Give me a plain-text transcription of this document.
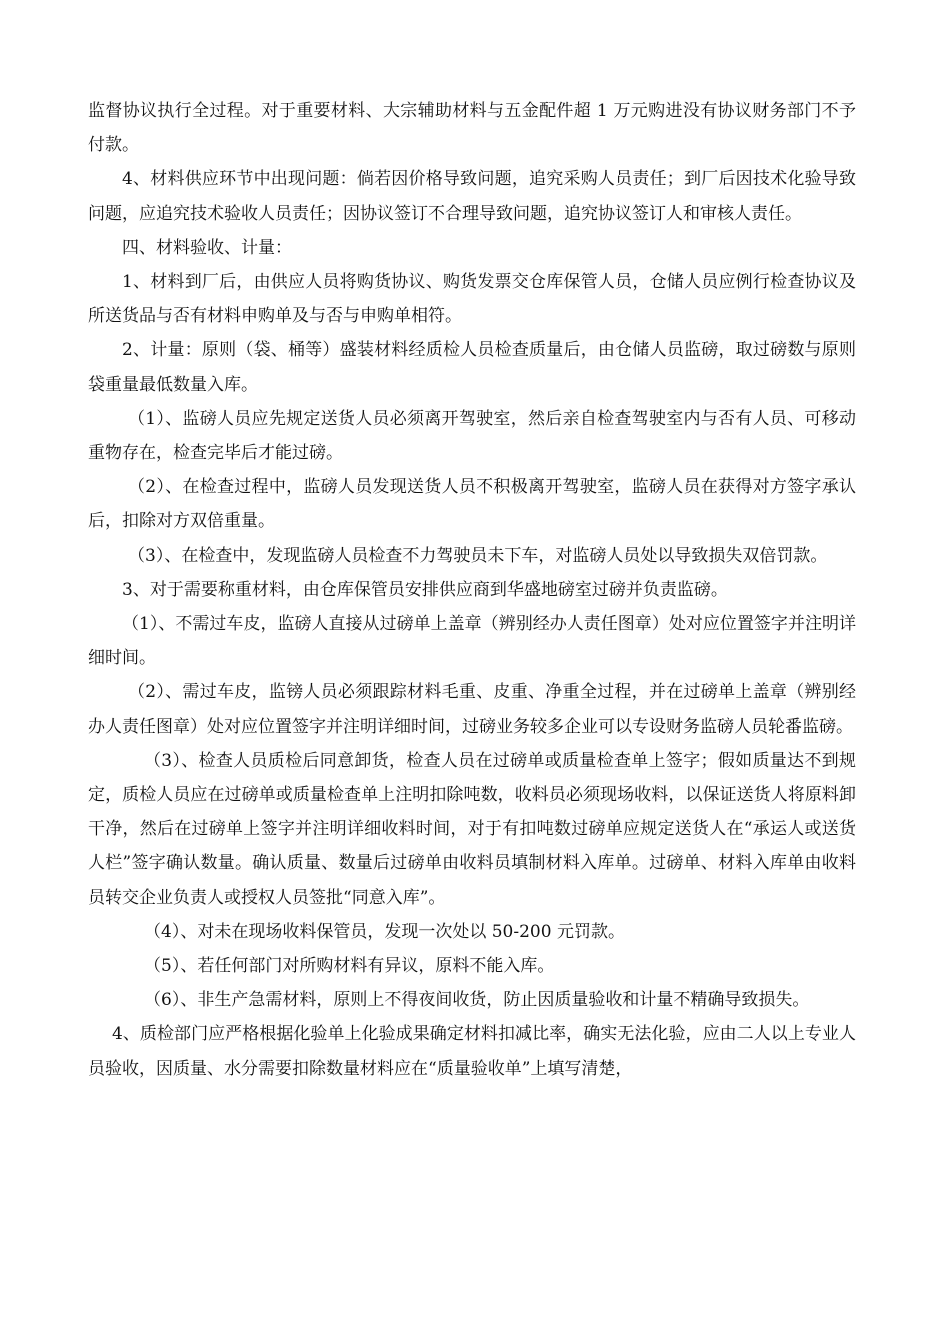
监督协议执行全过程。对于重要材料、大宗辅助材料与五金配件超 1 万元购进没有协议财务部门不予付款。

4、材料供应环节中出现问题：倘若因价格导致问题，追究采购人员责任；到厂后因技术化验导致问题，应追究技术验收人员责任；因协议签订不合理导致问题，追究协议签订人和审核人责任。

四、材料验收、计量：

1、材料到厂后，由供应人员将购货协议、购货发票交仓库保管人员，仓储人员应例行检查协议及所送货品与否有材料申购单及与否与申购单相符。

2、计量：原则（袋、桶等）盛装材料经质检人员检查质量后，由仓储人员监磅，取过磅数与原则袋重量最低数量入库。

（1）、监磅人员应先规定送货人员必须离开驾驶室，然后亲自检查驾驶室内与否有人员、可移动重物存在，检查完毕后才能过磅。

（2）、在检查过程中，监磅人员发现送货人员不积极离开驾驶室，监磅人员在获得对方签字承认后，扣除对方双倍重量。

（3）、在检查中，发现监磅人员检查不力驾驶员未下车，对监磅人员处以导致损失双倍罚款。

3、对于需要称重材料，由仓库保管员安排供应商到华盛地磅室过磅并负责监磅。

（1）、不需过车皮，监磅人直接从过磅单上盖章（辨别经办人责任图章）处对应位置签字并注明详细时间。

（2）、需过车皮，监镑人员必须跟踪材料毛重、皮重、净重全过程，并在过磅单上盖章（辨别经办人责任图章）处对应位置签字并注明详细时间，过磅业务较多企业可以专设财务监磅人员轮番监磅。

（3）、检查人员质检后同意卸货，检查人员在过磅单或质量检查单上签字；假如质量达不到规定，质检人员应在过磅单或质量检查单上注明扣除吨数，收料员必须现场收料，以保证送货人将原料卸干净，然后在过磅单上签字并注明详细收料时间，对于有扣吨数过磅单应规定送货人在“承运人或送货人栏”签字确认数量。确认质量、数量后过磅单由收料员填制材料入库单。过磅单、材料入库单由收料员转交企业负责人或授权人员签批“同意入库”。

（4）、对未在现场收料保管员，发现一次处以 50-200 元罚款。

（5）、若任何部门对所购材料有异议，原料不能入库。

（6）、非生产急需材料，原则上不得夜间收货，防止因质量验收和计量不精确导致损失。

4、质检部门应严格根据化验单上化验成果确定材料扣减比率，确实无法化验，应由二人以上专业人员验收，因质量、水分需要扣除数量材料应在“质量验收单”上填写清楚，
